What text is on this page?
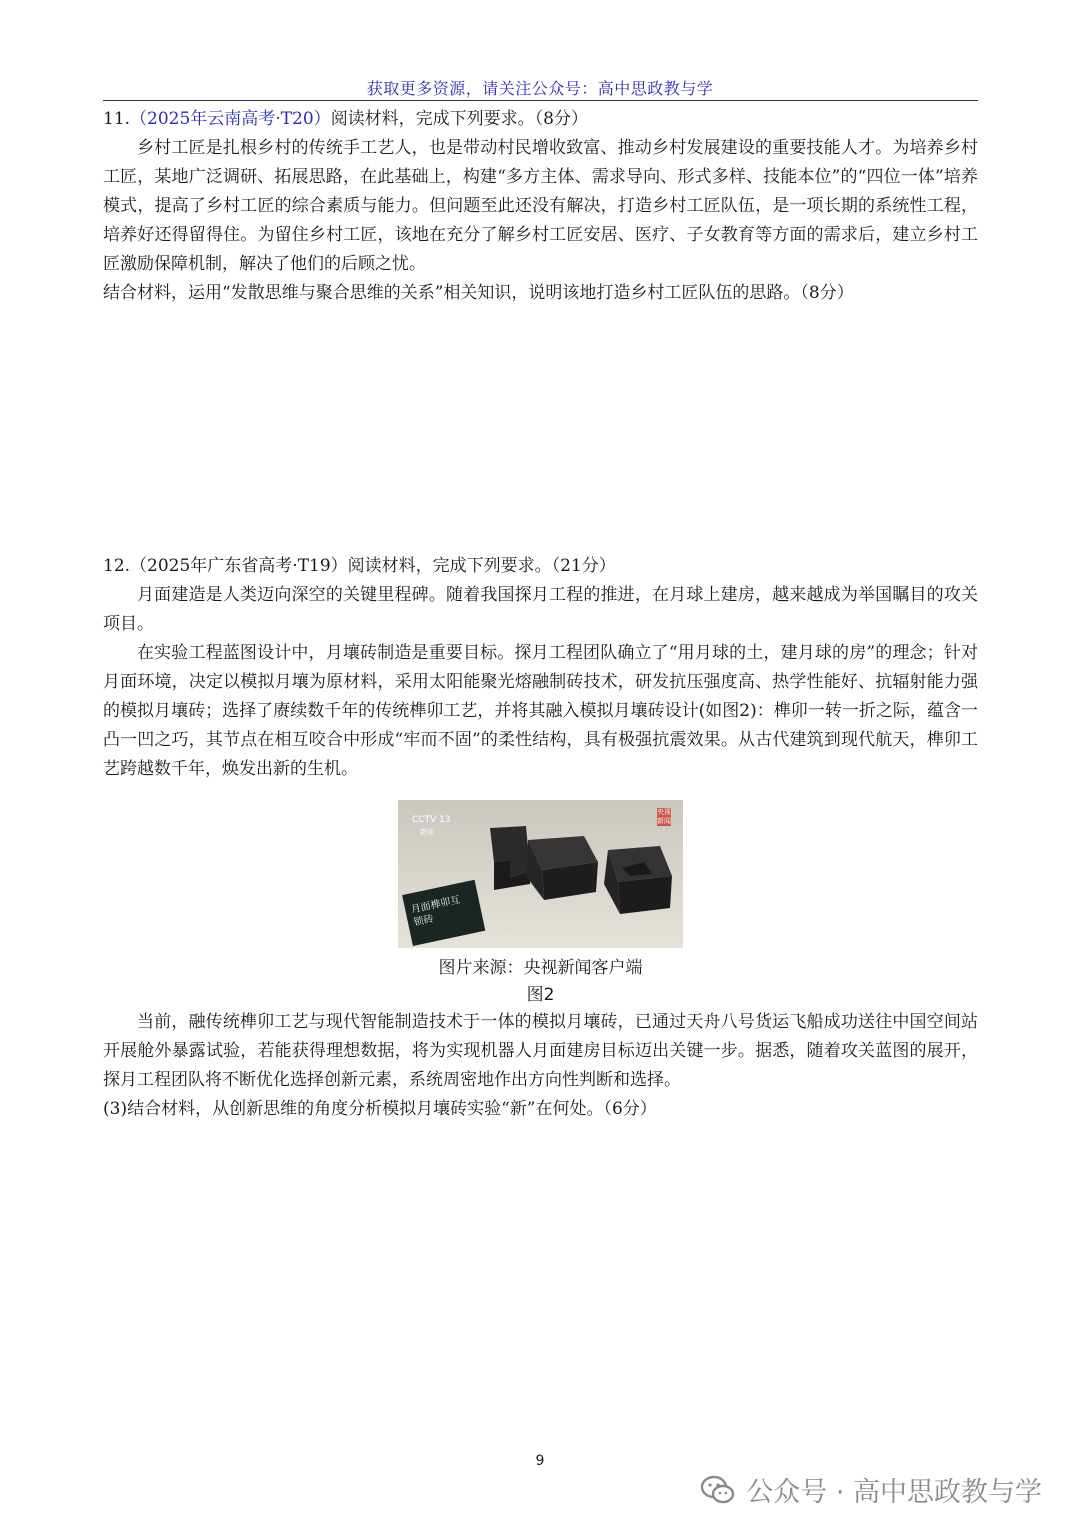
获取更多资源，请关注公众号：高中思政教与学

11.（2025年云南高考·T20）阅读材料，完成下列要求。（8分）

乡村工匠是扎根乡村的传统手工艺人，也是带动村民增收致富、推动乡村发展建设的重要技能人才。为培养乡村工匠，某地广泛调研、拓展思路，在此基础上，构建“多方主体、需求导向、形式多样、技能本位”的“四位一体”培养模式，提高了乡村工匠的综合素质与能力。但问题至此还没有解决，打造乡村工匠队伍，是一项长期的系统性工程，培养好还得留得住。为留住乡村工匠，该地在充分了解乡村工匠安居、医疗、子女教育等方面的需求后，建立乡村工匠激励保障机制，解决了他们的后顾之忧。

结合材料，运用“发散思维与聚合思维的关系”相关知识，说明该地打造乡村工匠队伍的思路。（8分）

12.（2025年广东省高考·T19）阅读材料，完成下列要求。（21分）

月面建造是人类迈向深空的关键里程碑。随着我国探月工程的推进，在月球上建房，越来越成为举国瞩目的攻关项目。

在实验工程蓝图设计中，月壤砖制造是重要目标。探月工程团队确立了“用月球的土，建月球的房”的理念；针对月面环境，决定以模拟月壤为原材料，采用太阳能聚光熔融制砖技术，研发抗压强度高、热学性能好、抗辐射能力强的模拟月壤砖；选择了赓续数千年的传统榫卯工艺，并将其融入模拟月壤砖设计(如图2)：榫卯一转一折之际，蕴含一凸一凹之巧，其节点在相互咬合中形成“牢而不固”的柔性结构，具有极强抗震效果。从古代建筑到现代航天，榫卯工艺跨越数千年，焕发出新的生机。

CCTV 13
新闻
央视 新闻
月面榫卯互锁砖
图片来源：央视新闻客户端
图2

当前，融传统榫卯工艺与现代智能制造技术于一体的模拟月壤砖，已通过天舟八号货运飞船成功送往中国空间站开展舱外暴露试验，若能获得理想数据，将为实现机器人月面建房目标迈出关键一步。据悉，随着攻关蓝图的展开，探月工程团队将不断优化选择创新元素，系统周密地作出方向性判断和选择。

(3)结合材料，从创新思维的角度分析模拟月壤砖实验“新”在何处。（6分）

9
公众号 · 高中思政教与学
